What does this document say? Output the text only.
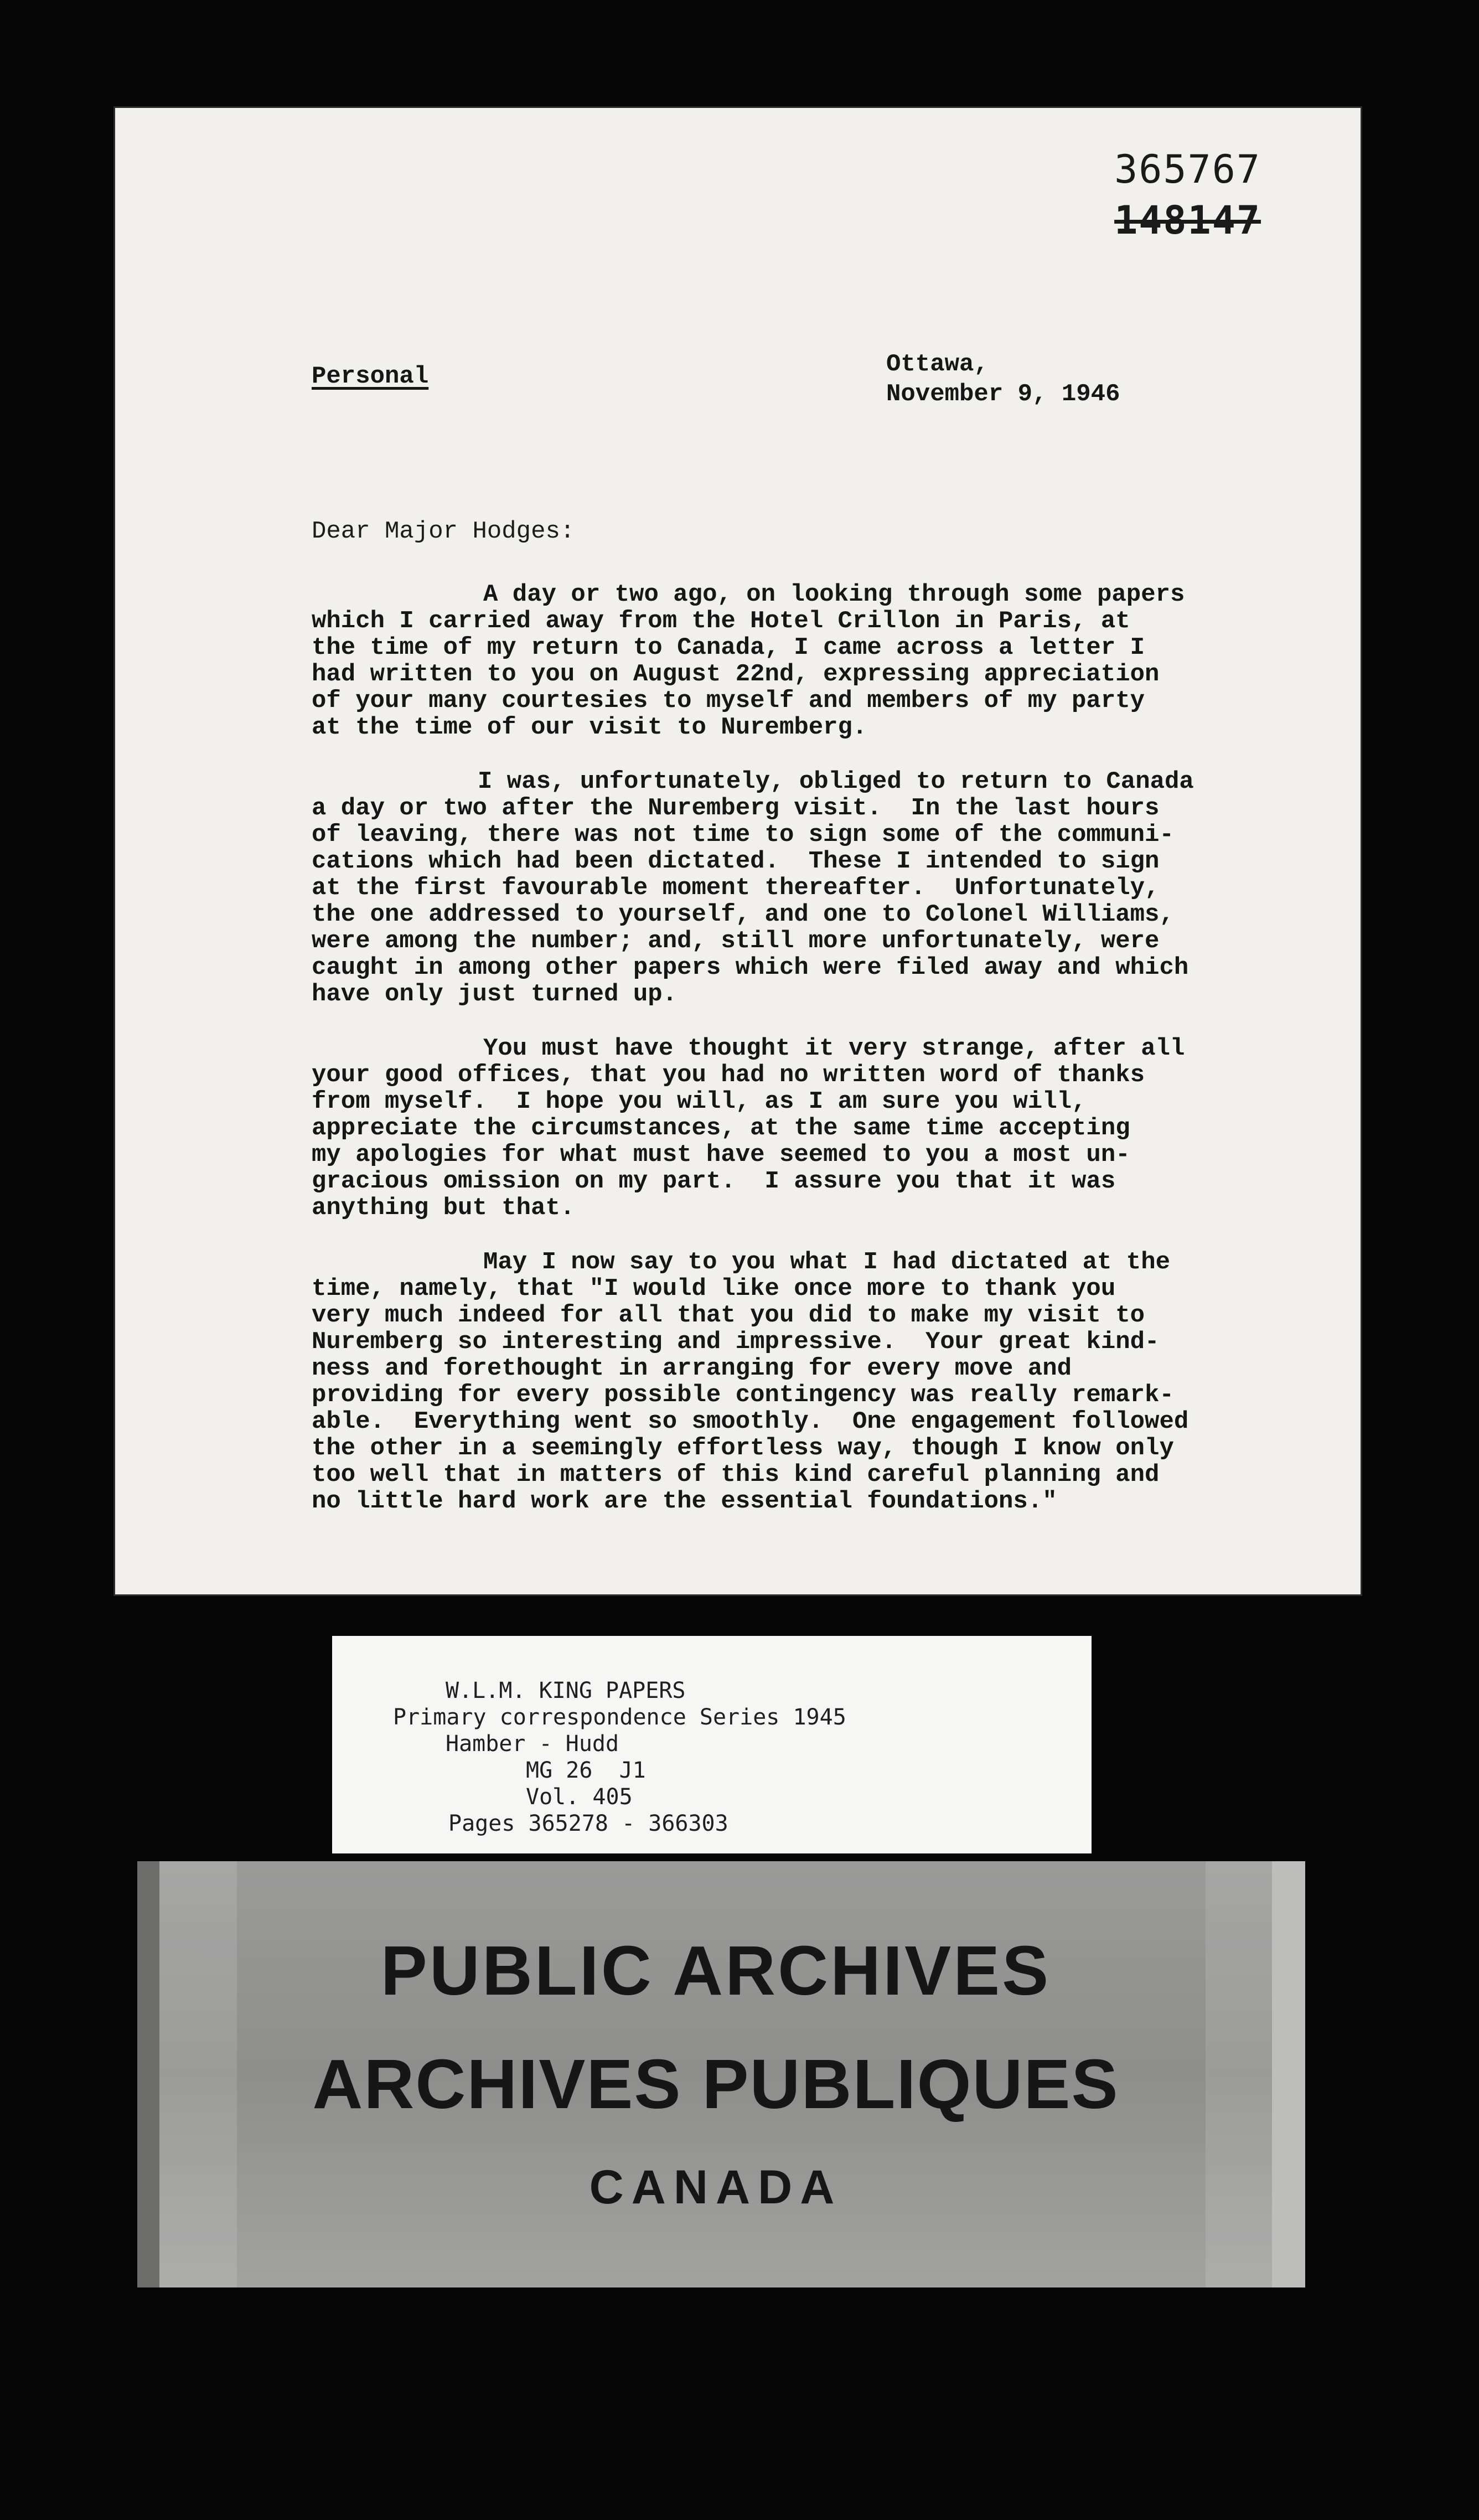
365767
148147
Personal	Ottawa,
November 9, 1946
Dear Major Hodges:
A day or two ago, on looking through some papers
which I carried away from the Hotel Crillon in Paris, at
the time of my return to Canada, I came across a letter I
had written to you on August 22nd, expressing appreciation
of your many courtesies to myself and members of my party
at the time of our visit to Nuremberg.
I was, unfortunately, obliged to return to Canada
a day or two after the Nuremberg visit.  In the last hours
of leaving, there was not time to sign some of the communi-
cations which had been dictated.  These I intended to sign
at the first favourable moment thereafter.  Unfortunately,
the one addressed to yourself, and one to Colonel Williams,
were among the number; and, still more unfortunately, were
caught in among other papers which were filed away and which
have only just turned up.
You must have thought it very strange, after all
your good offices, that you had no written word of thanks
from myself.  I hope you will, as I am sure you will,
appreciate the circumstances, at the same time accepting
my apologies for what must have seemed to you a most un-
gracious omission on my part.  I assure you that it was
anything but that.
May I now say to you what I had dictated at the
time, namely, that "I would like once more to thank you
very much indeed for all that you did to make my visit to
Nuremberg so interesting and impressive.  Your great kind-
ness and forethought in arranging for every move and
providing for every possible contingency was really remark-
able.  Everything went so smoothly.  One engagement followed
the other in a seemingly effortless way, though I know only
too well that in matters of this kind careful planning and
no little hard work are the essential foundations."
W.L.M. KING PAPERS
Primary correspondence Series 1945
Hamber - Hudd
MG 26  J1
Vol. 405
Pages 365278 - 366303
PUBLIC ARCHIVES
ARCHIVES PUBLIQUES
CANADA
